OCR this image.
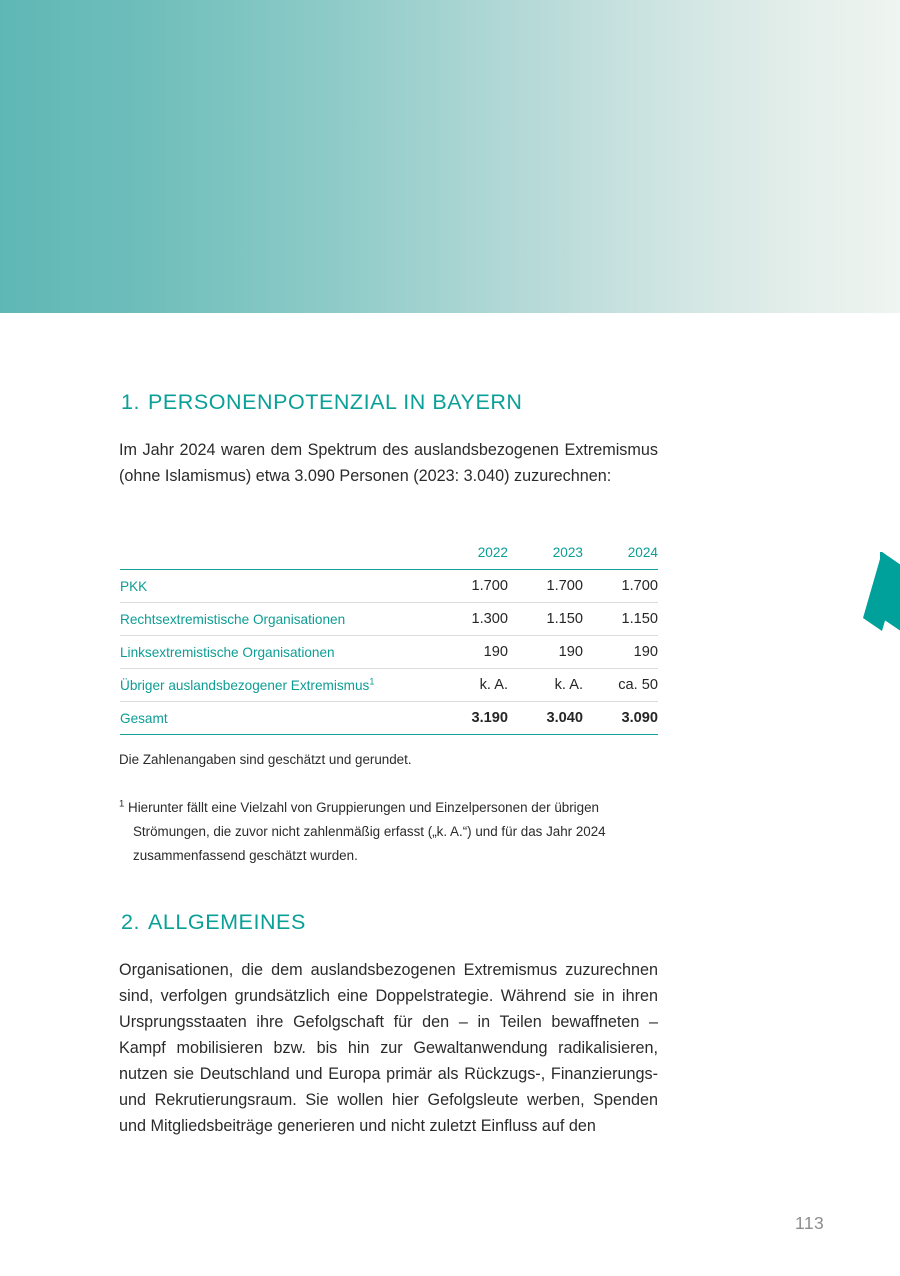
1. PERSONENPOTENZIAL IN BAYERN

Im Jahr 2024 waren dem Spektrum des auslandsbezogenen Extremismus (ohne Islamismus) etwa 3.090 Personen (2023: 3.040) zuzurechnen:

	2022	2023	2024
PKK	1.700	1.700	1.700
Rechtsextremistische Organisationen	1.300	1.150	1.150
Linksextremistische Organisationen	190	190	190
Übriger auslandsbezogener Extremismus$^1$	k. A.	k. A.	ca. 50
Gesamt	3.190	3.040	3.090
Die Zahlenangaben sind geschätzt und gerundet.
$^1$ Hierunter fällt eine Vielzahl von Gruppierungen und Einzelpersonen der übrigen Strömungen, die zuvor nicht zahlenmäßig erfasst („k. A.“) und für das Jahr 2024 zusammenfassend geschätzt wurden.
2. ALLGEMEINES

Organisationen, die dem auslandsbezogenen Extremismus zuzurechnen sind, verfolgen grundsätzlich eine Doppelstrategie. Während sie in ihren Ursprungsstaaten ihre Gefolgschaft für den – in Teilen bewaffneten – Kampf mobilisieren bzw. bis hin zur Gewaltanwendung radikalisieren, nutzen sie Deutschland und Europa primär als Rückzugs-, Finanzierungs- und Rekrutierungsraum. Sie wollen hier Gefolgsleute werben, Spenden und Mitgliedsbeiträge generieren und nicht zuletzt Einfluss auf den

113
